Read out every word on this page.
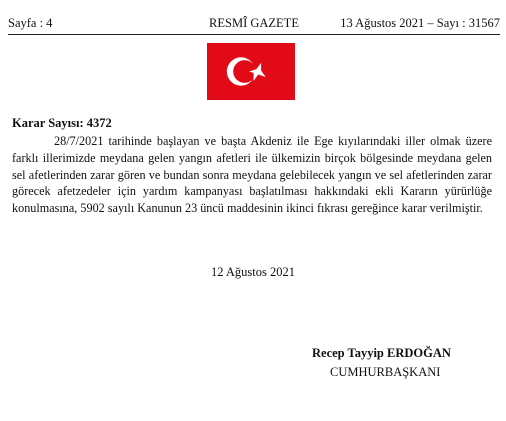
Sayfa : 4	RESMÎ GAZETE	13 Ağustos 2021 – Sayı : 31567
Karar Sayısı: 4372

28/7/2021 tarihinde başlayan ve başta Akdeniz ile Ege kıyılarındaki iller olmak üzere farklı illerimizde meydana gelen yangın afetleri ile ülkemizin birçok bölgesinde meydana gelen sel afetlerinden zarar gören ve bundan sonra meydana gelebilecek yangın ve sel afetlerinden zarar görecek afetzedeler için yardım kampanyası başlatılması hakkındaki ekli Kararın yürürlüğe konulmasına, 5902 sayılı Kanunun 23 üncü maddesinin ikinci fıkrası gereğince karar verilmiştir.

12 Ağustos 2021
Recep Tayyip ERDOĞAN
CUMHURBAŞKANI
